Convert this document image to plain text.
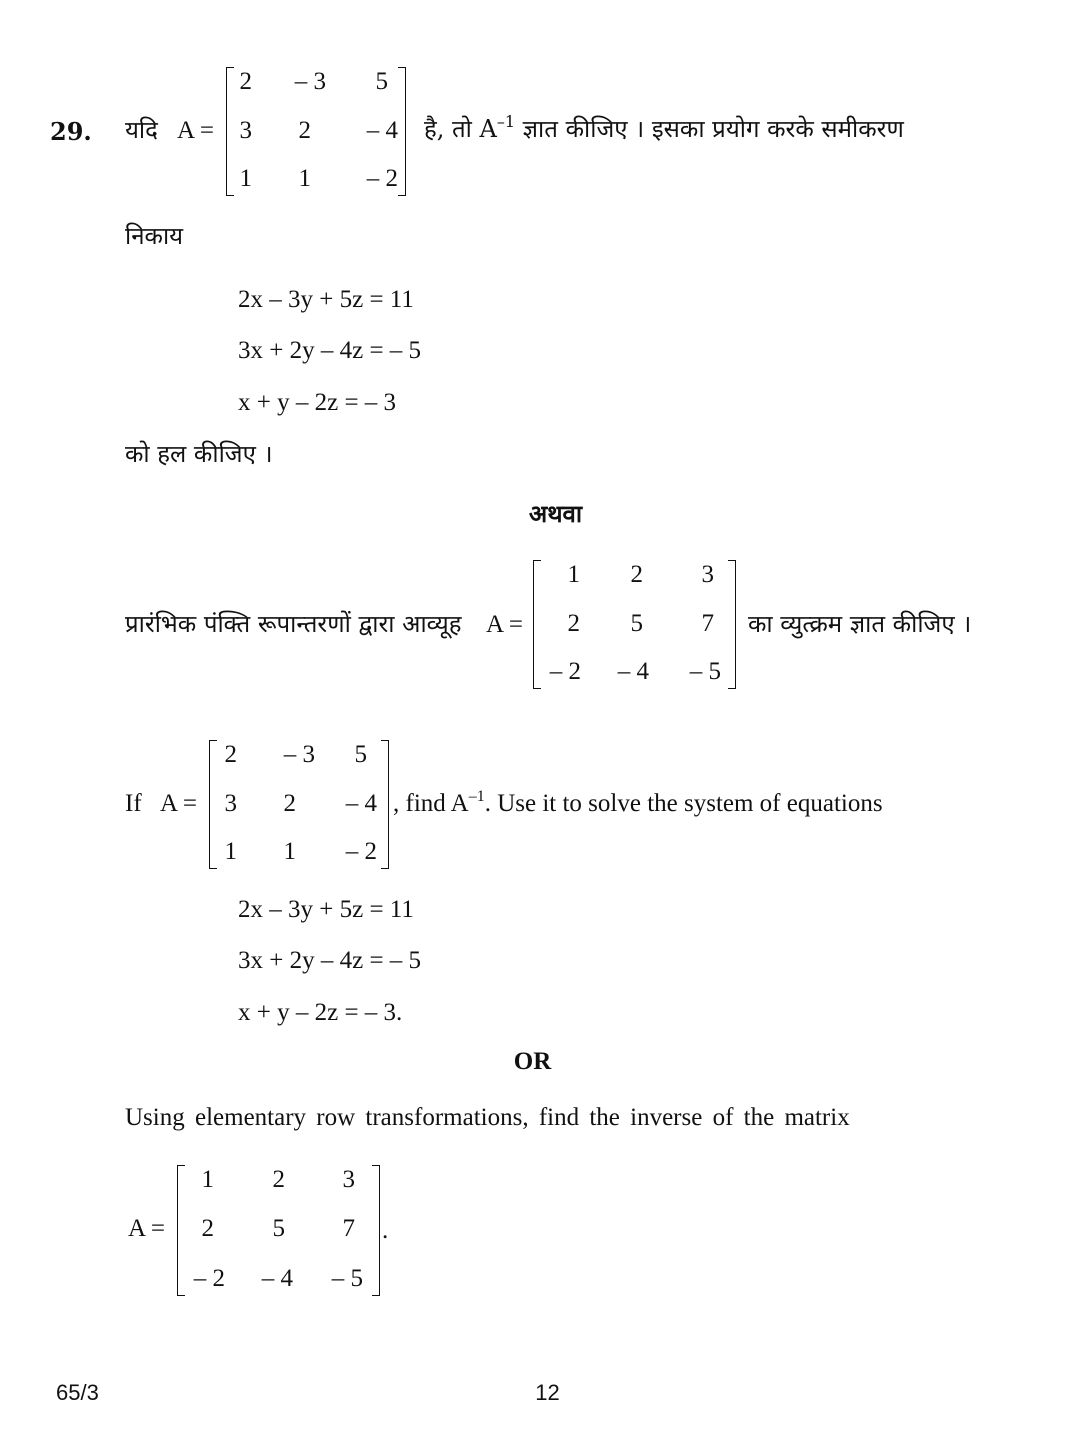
29. यदि A =
2	– 3	5
3	2	– 4
1	1	– 2
है, तो $A^{-1}$ ज्ञात कीजिए । इसका प्रयोग करके समीकरण
निकाय
2x – 3y + 5z = 11
3x + 2y – 4z = – 5
x + y – 2z = – 3
को हल कीजिए ।
अथवा
प्रारंभिक पंक्ति रूपान्तरणों द्वारा आव्यूह A =
1	2	3
2	5	7
– 2	– 4	– 5
का व्युत्क्रम ज्ञात कीजिए ।
If A =
2	– 3	5
3	2	– 4
1	1	– 2
, find $A^{-1}$. Use it to solve the system of equations
2x – 3y + 5z = 11
3x + 2y – 4z = – 5
x + y – 2z = – 3.
OR
Using elementary row transformations, find the inverse of the matrix
A =
1	2	3
2	5	7
– 2	– 4	– 5
.
65/3	12
